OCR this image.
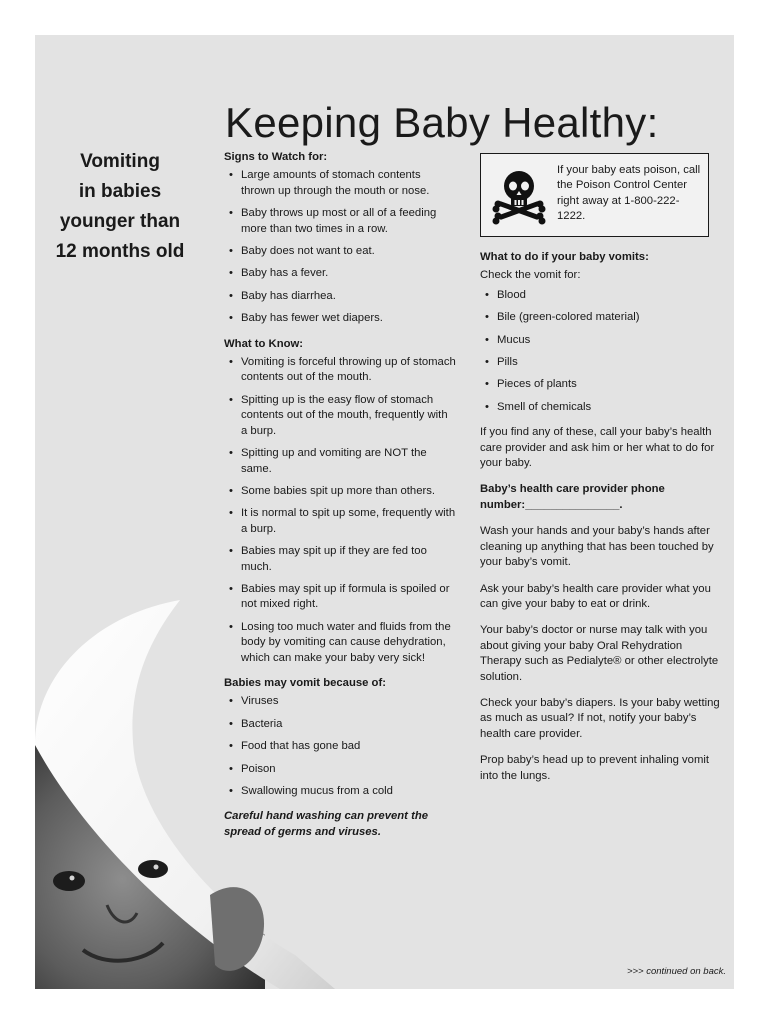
Keeping Baby Healthy:
Vomiting
in babies
younger than
12 months old
Signs to Watch for:
• Large amounts of stomach contents thrown up through the mouth or nose.
• Baby throws up most or all of a feeding more than two times in a row.
• Baby does not want to eat.
• Baby has a fever.
• Baby has diarrhea.
• Baby has fewer wet diapers.
What to Know:
• Vomiting is forceful throwing up of stomach contents out of the mouth.
• Spitting up is the easy flow of stomach contents out of the mouth, frequently with a burp.
• Spitting up and vomiting are NOT the same.
• Some babies spit up more than others.
• It is normal to spit up some, frequently with a burp.
• Babies may spit up if they are fed too much.
• Babies may spit up if formula is spoiled or not mixed right.
• Losing too much water and fluids from the body by vomiting can cause dehydration, which can make your baby very sick!
Babies may vomit because of:
• Viruses
• Bacteria
• Food that has gone bad
• Poison
• Swallowing mucus from a cold

Careful hand washing can prevent the spread of germs and viruses.

If your baby eats poison, call the Poison Control Center right away at 1-800-222-1222.
What to do if your baby vomits:

Check the vomit for:

• Blood
• Bile (green-colored material)
• Mucus
• Pills
• Pieces of plants
• Smell of chemicals

If you find any of these, call your baby’s health care provider and ask him or her what to do for your baby.

Baby’s health care provider phone number:_______________.

Wash your hands and your baby’s hands after cleaning up anything that has been touched by your baby’s vomit.

Ask your baby’s health care provider what you can give your baby to eat or drink.

Your baby’s doctor or nurse may talk with you about giving your baby Oral Rehydration Therapy such as Pedialyte® or other electrolyte solution.

Check your baby’s diapers. Is your baby wetting as much as usual? If not, notify your baby’s health care provider.

Prop baby’s head up to prevent inhaling vomit into the lungs.

>>> continued on back.
